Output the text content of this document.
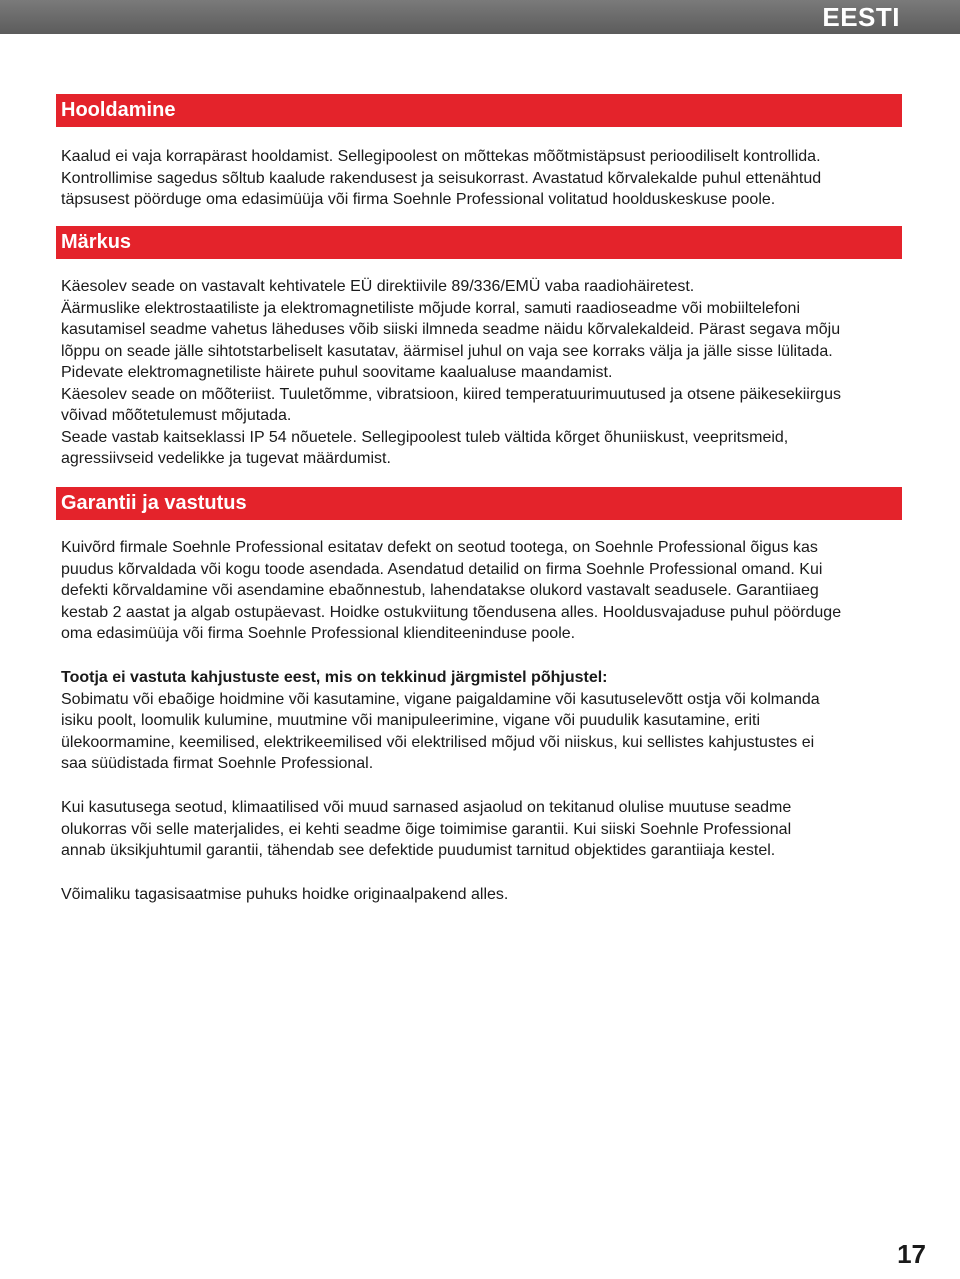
EESTI
Hooldamine

Kaalud ei vaja korrapärast hooldamist. Sellegipoolest on mõttekas mõõtmistäpsust perioodiliselt kontrollida.
Kontrollimise sagedus sõltub kaalude rakendusest ja seisukorrast. Avastatud kõrvalekalde puhul ettenähtud
täpsusest pöörduge oma edasimüüja või firma Soehnle Professional volitatud hoolduskeskuse poole.

Märkus

Käesolev seade on vastavalt kehtivatele EÜ direktiivile 89/336/EMÜ vaba raadiohäiretest.
Äärmuslike elektrostaatiliste ja elektromagnetiliste mõjude korral, samuti raadioseadme või mobiiltelefoni
kasutamisel seadme vahetus läheduses võib siiski ilmneda seadme näidu kõrvalekaldeid. Pärast segava mõju
lõppu on seade jälle sihtotstarbeliselt kasutatav, äärmisel juhul on vaja see korraks välja ja jälle sisse lülitada.
Pidevate elektromagnetiliste häirete puhul soovitame kaalualuse maandamist.
Käesolev seade on mõõteriist. Tuuletõmme, vibratsioon, kiired temperatuurimuutused ja otsene päikesekiirgus
võivad mõõtetulemust mõjutada.
Seade vastab kaitseklassi IP 54 nõuetele. Sellegipoolest tuleb vältida kõrget õhuniiskust, veepritsmeid,
agressiivseid vedelikke ja tugevat määrdumist.

Garantii ja vastutus

Kuivõrd firmale Soehnle Professional esitatav defekt on seotud tootega, on Soehnle Professional õigus kas
puudus kõrvaldada või kogu toode asendada. Asendatud detailid on firma Soehnle Professional omand. Kui
defekti kõrvaldamine või asendamine ebaõnnestub, lahendatakse olukord vastavalt seadusele. Garantiiaeg
kestab 2 aastat ja algab ostupäevast. Hoidke ostukviitung tõendusena alles. Hooldusvajaduse puhul pöörduge
oma edasimüüja või firma Soehnle Professional klienditeeninduse poole.

Tootja ei vastuta kahjustuste eest, mis on tekkinud järgmistel põhjustel:
Sobimatu või ebaõige hoidmine või kasutamine, vigane paigaldamine või kasutuselevõtt ostja või kolmanda
isiku poolt, loomulik kulumine, muutmine või manipuleerimine, vigane või puudulik kasutamine, eriti
ülekoormamine, keemilised, elektrikeemilised või elektrilised mõjud või niiskus, kui sellistes kahjustustes ei
saa süüdistada firmat Soehnle Professional.

Kui kasutusega seotud, klimaatilised või muud sarnased asjaolud on tekitanud olulise muutuse seadme
olukorras või selle materjalides, ei kehti seadme õige toimimise garantii. Kui siiski Soehnle Professional
annab üksikjuhtumil garantii, tähendab see defektide puudumist tarnitud objektides garantiiaja kestel.

Võimaliku tagasisaatmise puhuks hoidke originaalpakend alles.

17
